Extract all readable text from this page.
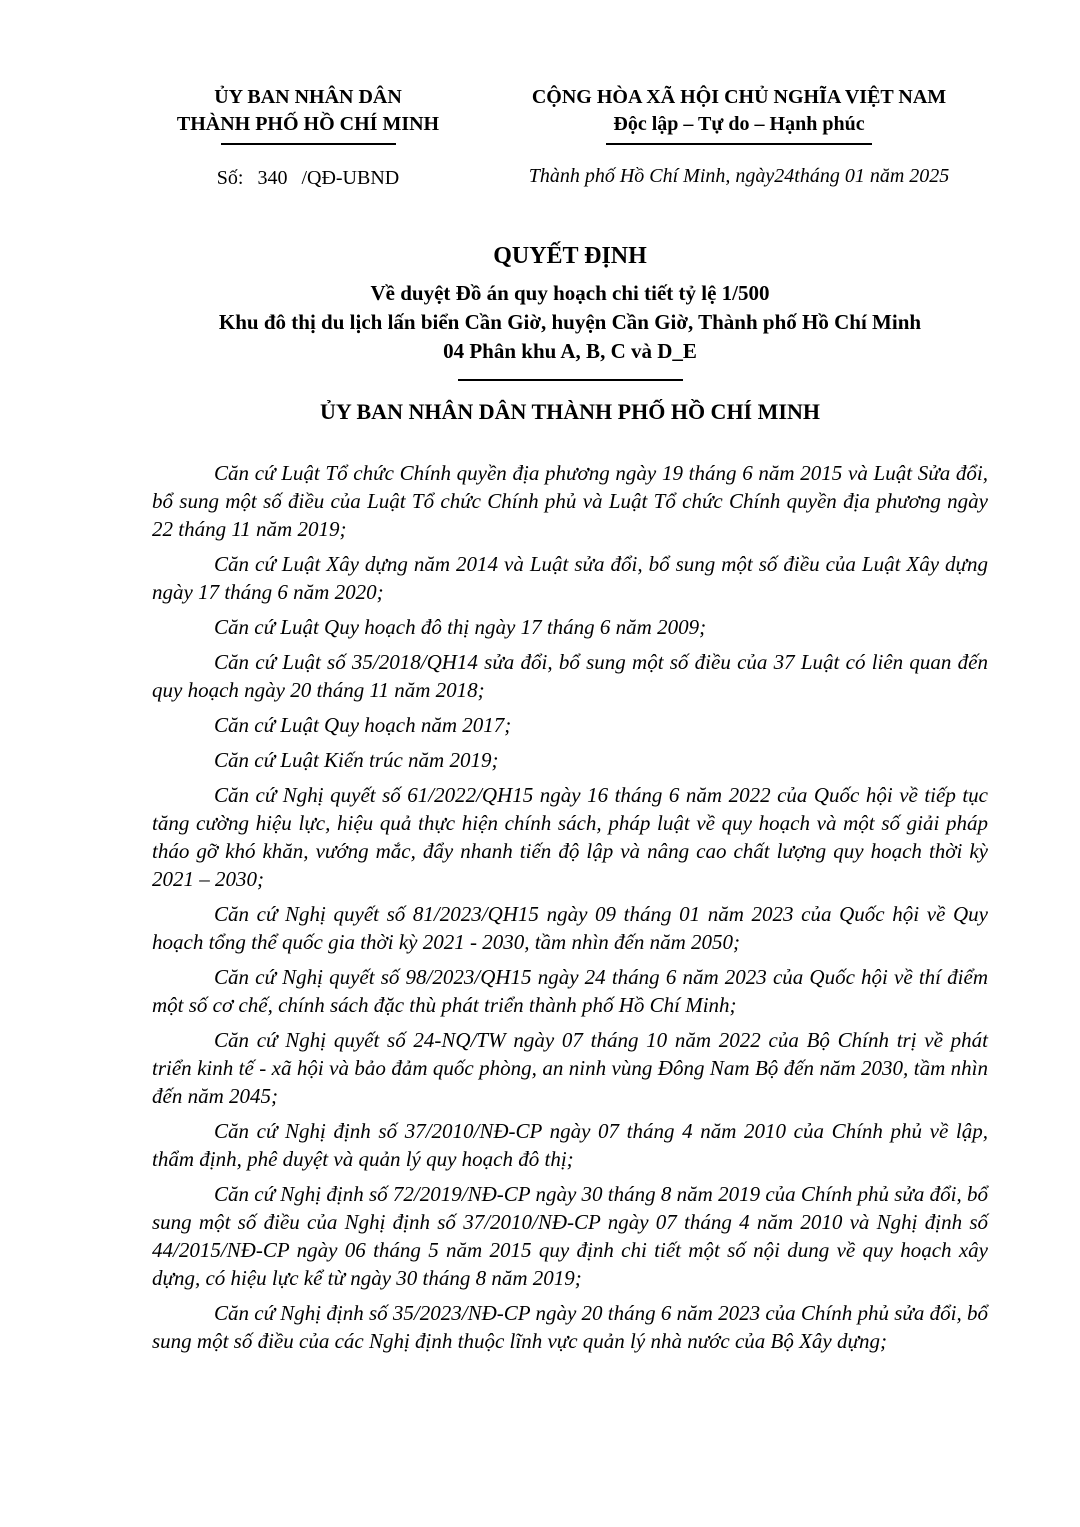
ỦY BAN NHÂN DÂN
THÀNH PHỐ HỒ CHÍ MINH
Số: 340 /QĐ-UBND
CỘNG HÒA XÃ HỘI CHỦ NGHĨA VIỆT NAM
Độc lập – Tự do – Hạnh phúc
Thành phố Hồ Chí Minh, ngày24tháng 01 năm 2025
QUYẾT ĐỊNH
Về duyệt Đồ án quy hoạch chi tiết tỷ lệ 1/500
Khu đô thị du lịch lấn biển Cần Giờ, huyện Cần Giờ, Thành phố Hồ Chí Minh
04 Phân khu A, B, C và D_E
ỦY BAN NHÂN DÂN THÀNH PHỐ HỒ CHÍ MINH

Căn cứ Luật Tổ chức Chính quyền địa phương ngày 19 tháng 6 năm 2015 và Luật Sửa đổi, bổ sung một số điều của Luật Tổ chức Chính phủ và Luật Tổ chức Chính quyền địa phương ngày 22 tháng 11 năm 2019;

Căn cứ Luật Xây dựng năm 2014 và Luật sửa đổi, bổ sung một số điều của Luật Xây dựng ngày 17 tháng 6 năm 2020;

Căn cứ Luật Quy hoạch đô thị ngày 17 tháng 6 năm 2009;

Căn cứ Luật số 35/2018/QH14 sửa đổi, bổ sung một số điều của 37 Luật có liên quan đến quy hoạch ngày 20 tháng 11 năm 2018;

Căn cứ Luật Quy hoạch năm 2017;

Căn cứ Luật Kiến trúc năm 2019;

Căn cứ Nghị quyết số 61/2022/QH15 ngày 16 tháng 6 năm 2022 của Quốc hội về tiếp tục tăng cường hiệu lực, hiệu quả thực hiện chính sách, pháp luật về quy hoạch và một số giải pháp tháo gỡ khó khăn, vướng mắc, đẩy nhanh tiến độ lập và nâng cao chất lượng quy hoạch thời kỳ 2021 – 2030;

Căn cứ Nghị quyết số 81/2023/QH15 ngày 09 tháng 01 năm 2023 của Quốc hội về Quy hoạch tổng thể quốc gia thời kỳ 2021 - 2030, tầm nhìn đến năm 2050;

Căn cứ Nghị quyết số 98/2023/QH15 ngày 24 tháng 6 năm 2023 của Quốc hội về thí điểm một số cơ chế, chính sách đặc thù phát triển thành phố Hồ Chí Minh;

Căn cứ Nghị quyết số 24-NQ/TW ngày 07 tháng 10 năm 2022 của Bộ Chính trị về phát triển kinh tế - xã hội và bảo đảm quốc phòng, an ninh vùng Đông Nam Bộ đến năm 2030, tầm nhìn đến năm 2045;

Căn cứ Nghị định số 37/2010/NĐ-CP ngày 07 tháng 4 năm 2010 của Chính phủ về lập, thẩm định, phê duyệt và quản lý quy hoạch đô thị;

Căn cứ Nghị định số 72/2019/NĐ-CP ngày 30 tháng 8 năm 2019 của Chính phủ sửa đổi, bổ sung một số điều của Nghị định số 37/2010/NĐ-CP ngày 07 tháng 4 năm 2010 và Nghị định số 44/2015/NĐ-CP ngày 06 tháng 5 năm 2015 quy định chi tiết một số nội dung về quy hoạch xây dựng, có hiệu lực kể từ ngày 30 tháng 8 năm 2019;

Căn cứ Nghị định số 35/2023/NĐ-CP ngày 20 tháng 6 năm 2023 của Chính phủ sửa đổi, bổ sung một số điều của các Nghị định thuộc lĩnh vực quản lý nhà nước của Bộ Xây dựng;
